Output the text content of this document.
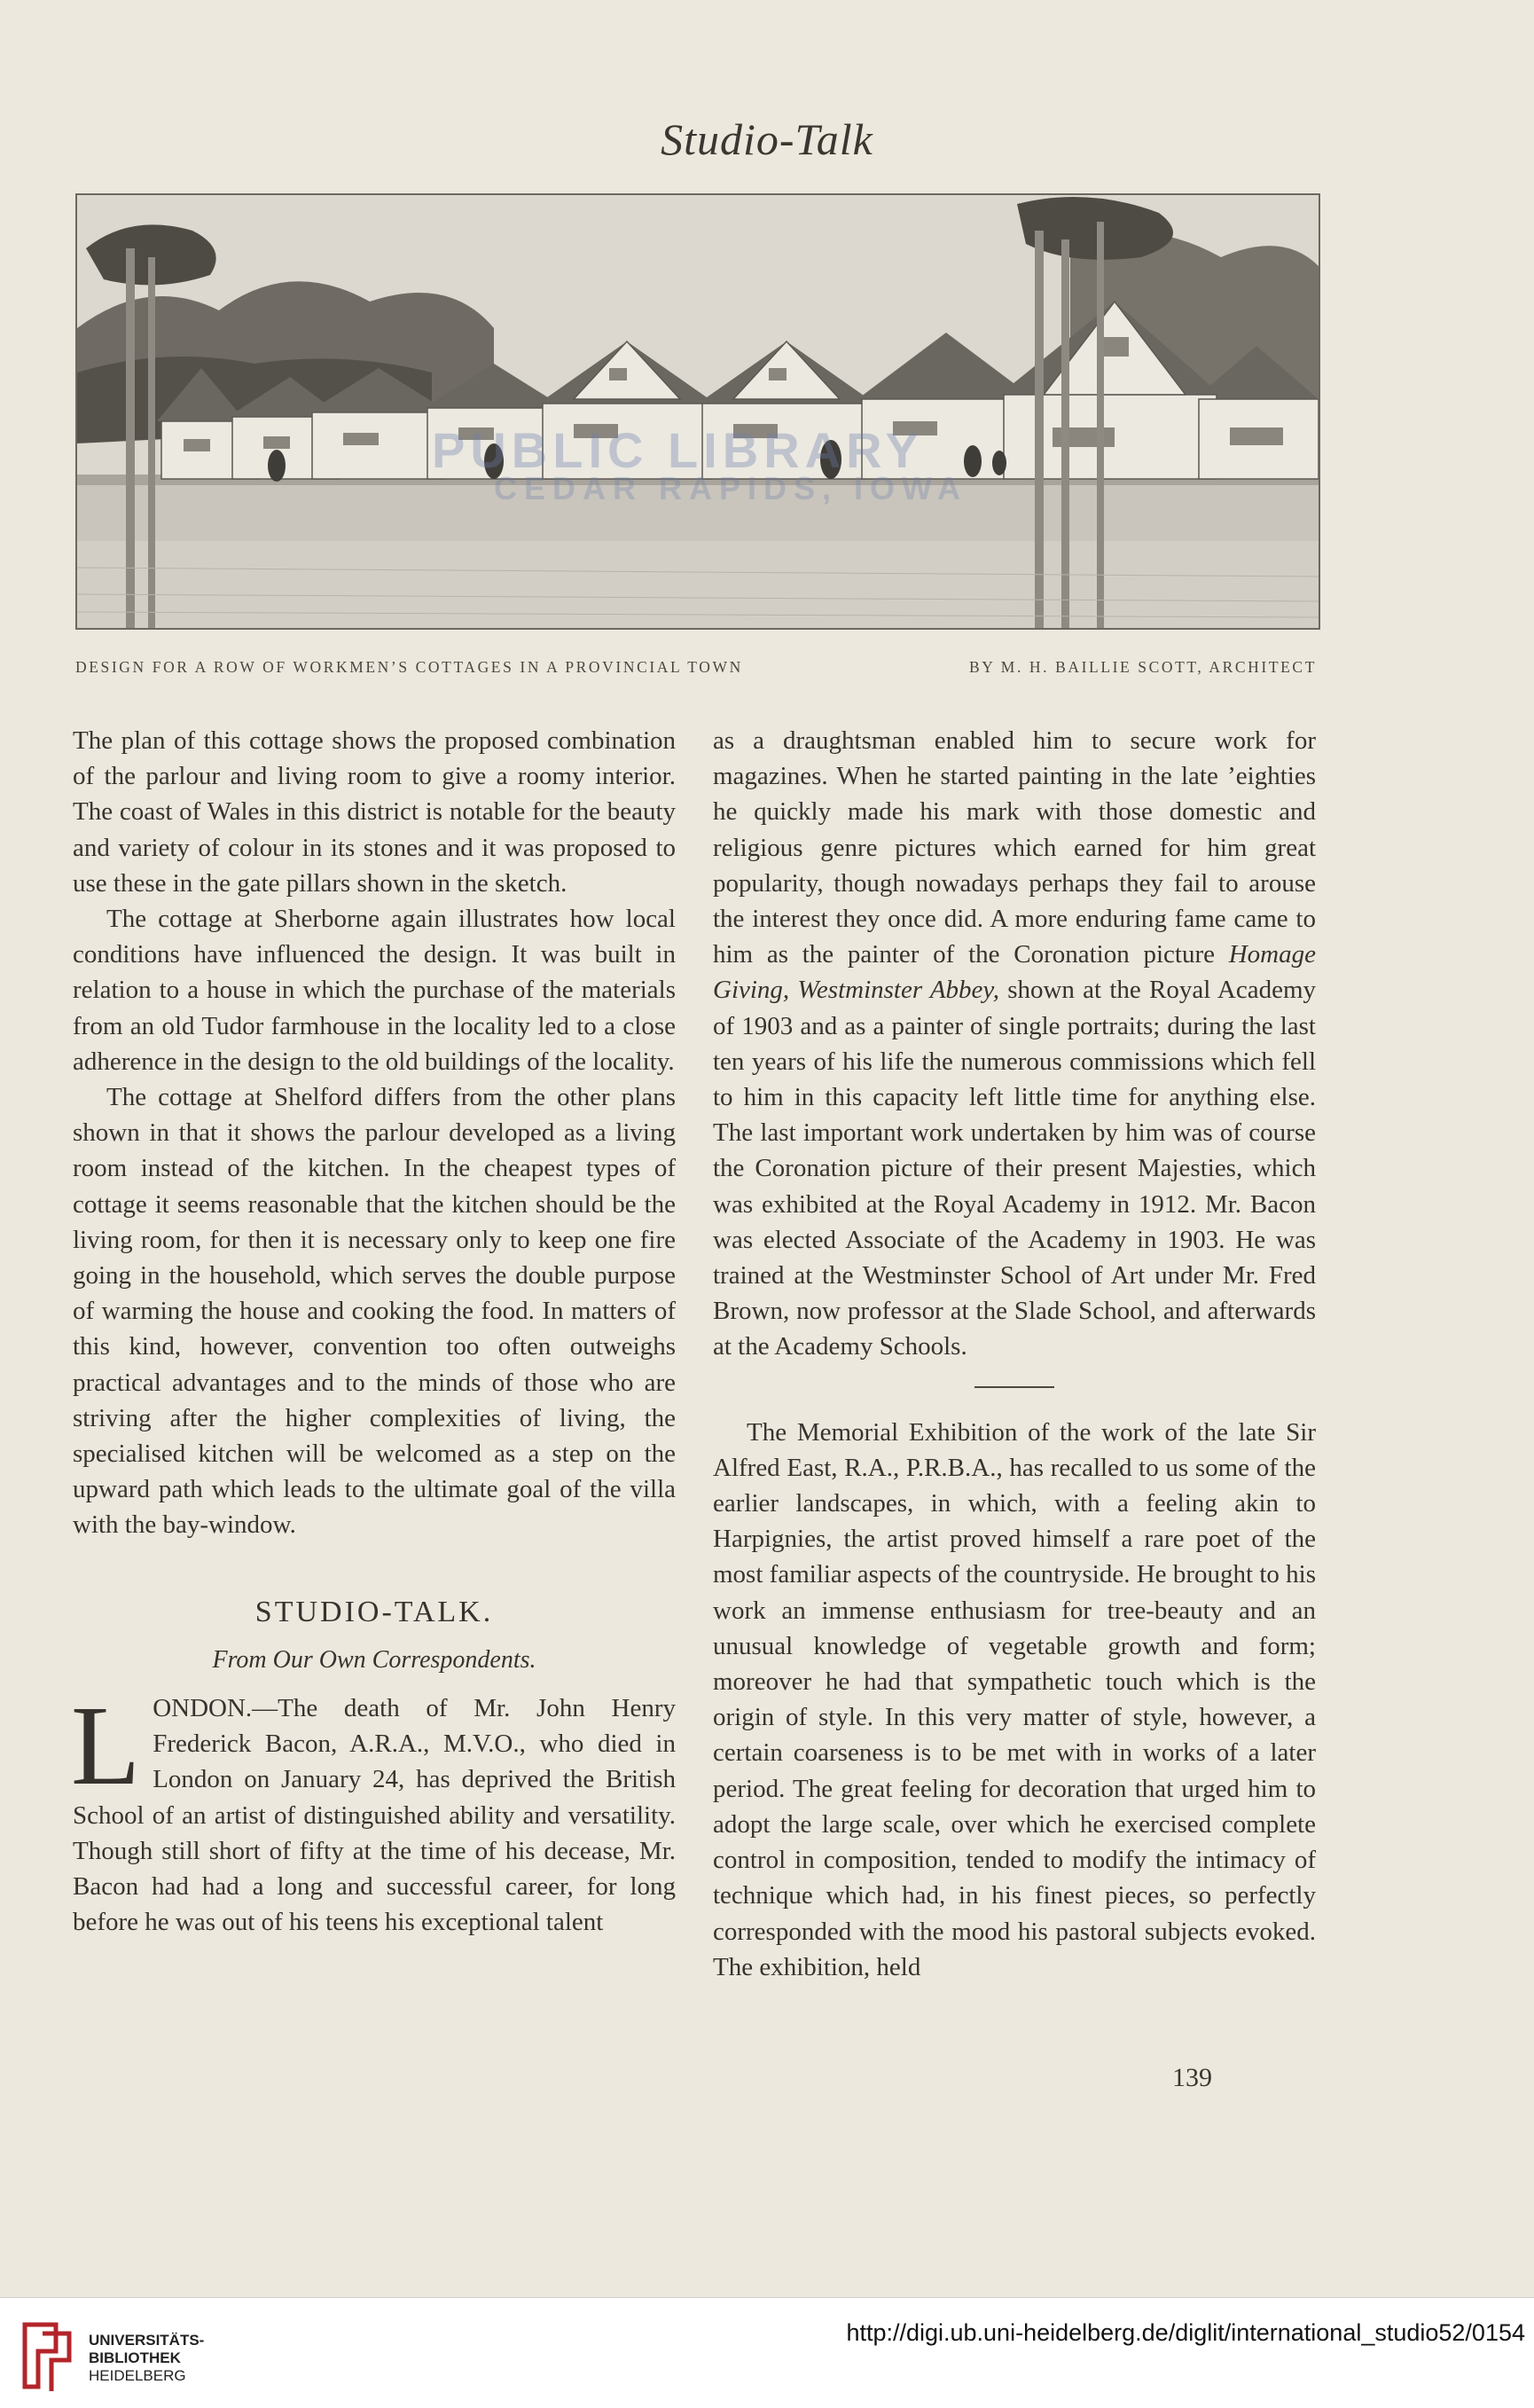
Studio-Talk
PUBLIC LIBRARY
CEDAR RAPIDS, IOWA
DESIGN FOR A ROW OF WORKMEN’S COTTAGES IN A PROVINCIAL TOWN	BY M. H. BAILLIE SCOTT, ARCHITECT

The plan of this cottage shows the proposed combination of the parlour and living room to give a roomy interior. The coast of Wales in this district is notable for the beauty and variety of colour in its stones and it was proposed to use these in the gate pillars shown in the sketch.

The cottage at Sherborne again illustrates how local conditions have influenced the design. It was built in relation to a house in which the purchase of the materials from an old Tudor farmhouse in the locality led to a close adherence in the design to the old buildings of the locality.

The cottage at Shelford differs from the other plans shown in that it shows the parlour developed as a living room instead of the kitchen. In the cheapest types of cottage it seems reasonable that the kitchen should be the living room, for then it is necessary only to keep one fire going in the household, which serves the double purpose of warming the house and cooking the food. In matters of this kind, however, convention too often outweighs practical advantages and to the minds of those who are striving after the higher complexities of living, the specialised kitchen will be welcomed as a step on the upward path which leads to the ultimate goal of the villa with the bay-window.

STUDIO-TALK.
From Our Own Correspondents.

LONDON.—The death of Mr. John Henry Frederick Bacon, A.R.A., M.V.O., who died in London on January 24, has deprived the British School of an artist of distinguished ability and versatility. Though still short of fifty at the time of his decease, Mr. Bacon had had a long and successful career, for long before he was out of his teens his exceptional talent

as a draughtsman enabled him to secure work for magazines. When he started painting in the late ’eighties he quickly made his mark with those domestic and religious genre pictures which earned for him great popularity, though nowadays perhaps they fail to arouse the interest they once did. A more enduring fame came to him as the painter of the Coronation picture Homage Giving, Westminster Abbey, shown at the Royal Academy of 1903 and as a painter of single portraits; during the last ten years of his life the numerous commissions which fell to him in this capacity left little time for anything else. The last important work undertaken by him was of course the Coronation picture of their present Majesties, which was exhibited at the Royal Academy in 1912. Mr. Bacon was elected Associate of the Academy in 1903. He was trained at the Westminster School of Art under Mr. Fred Brown, now professor at the Slade School, and afterwards at the Academy Schools.

The Memorial Exhibition of the work of the late Sir Alfred East, R.A., P.R.B.A., has recalled to us some of the earlier landscapes, in which, with a feeling akin to Harpignies, the artist proved himself a rare poet of the most familiar aspects of the countryside. He brought to his work an immense enthusiasm for tree-beauty and an unusual knowledge of vegetable growth and form; moreover he had that sympathetic touch which is the origin of style. In this very matter of style, however, a certain coarseness is to be met with in works of a later period. The great feeling for decoration that urged him to adopt the large scale, over which he exercised complete control in composition, tended to modify the intimacy of technique which had, in his finest pieces, so perfectly corresponded with the mood his pastoral subjects evoked. The exhibition, held

139
UNIVERSITÄTS-
BIBLIOTHEK
HEIDELBERG
http://digi.ub.uni-heidelberg.de/diglit/international_studio52/0154
